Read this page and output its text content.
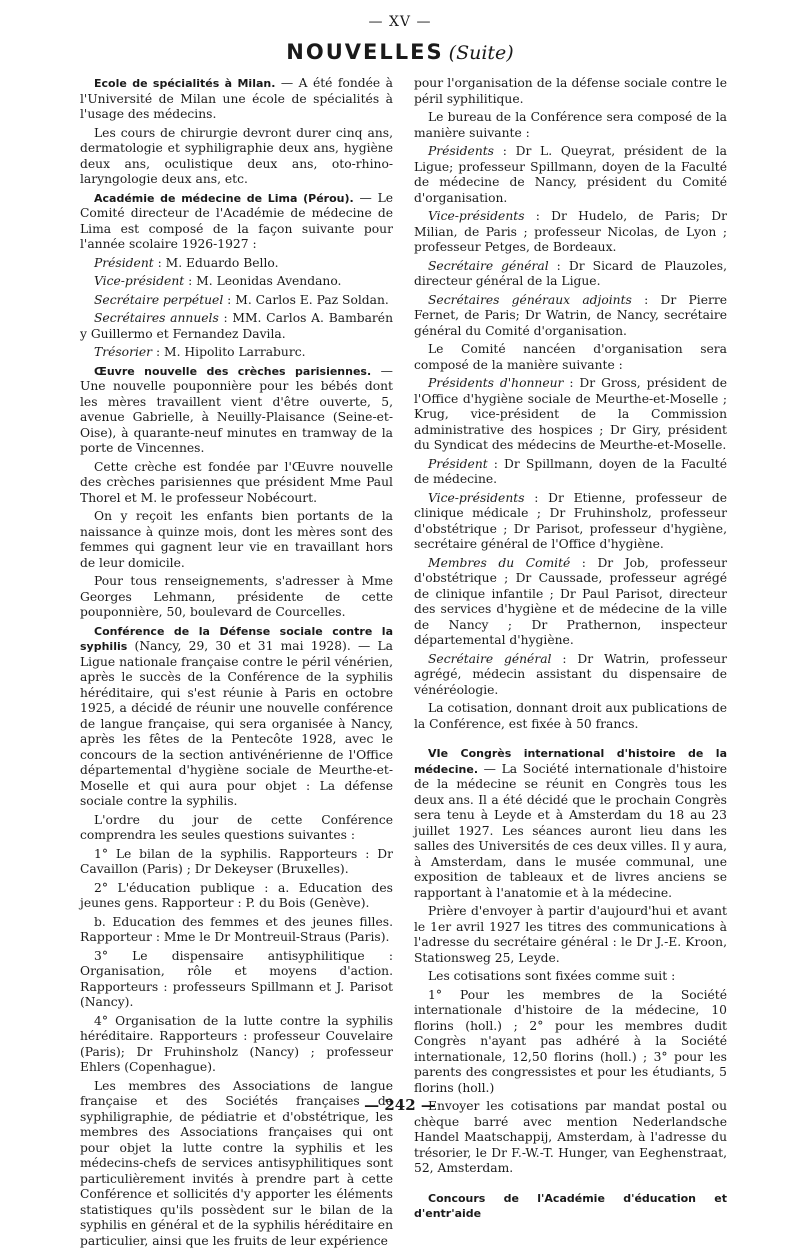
— XV —
NOUVELLES (Suite)

Ecole de spécialités à Milan. — A été fondée à l'Université de Milan une école de spécialités à l'usage des médecins.

Les cours de chirurgie devront durer cinq ans, dermatologie et syphiligraphie deux ans, hygiène deux ans, oculistique deux ans, oto-rhino-laryngologie deux ans, etc.

Académie de médecine de Lima (Pérou). — Le Comité directeur de l'Académie de médecine de Lima est composé de la façon suivante pour l'année scolaire 1926-1927 :

Président : M. Eduardo Bello.

Vice-président : M. Leonidas Avendano.

Secrétaire perpétuel : M. Carlos E. Paz Soldan.

Secrétaires annuels : MM. Carlos A. Bambarén y Guillermo et Fernandez Davila.

Trésorier : M. Hipolito Larraburc.

Œuvre nouvelle des crèches parisiennes. — Une nouvelle pouponnière pour les bébés dont les mères travaillent vient d'être ouverte, 5, avenue Gabrielle, à Neuilly-Plaisance (Seine-et-Oise), à quarante-neuf minutes en tramway de la porte de Vincennes.

Cette crèche est fondée par l'Œuvre nouvelle des crèches parisiennes que président Mme Paul Thorel et M. le professeur Nobécourt.

On y reçoit les enfants bien portants de la naissance à quinze mois, dont les mères sont des femmes qui gagnent leur vie en travaillant hors de leur domicile.

Pour tous renseignements, s'adresser à Mme Georges Lehmann, présidente de cette pouponnière, 50, boulevard de Courcelles.

Conférence de la Défense sociale contre la syphilis (Nancy, 29, 30 et 31 mai 1928). — La Ligue nationale française contre le péril vénérien, après le succès de la Conférence de la syphilis héréditaire, qui s'est réunie à Paris en octobre 1925, a décidé de réunir une nouvelle conférence de langue française, qui sera organisée à Nancy, après les fêtes de la Pentecôte 1928, avec le concours de la section antivénérienne de l'Office départemental d'hygiène sociale de Meurthe-et-Moselle et qui aura pour objet : La défense sociale contre la syphilis.

L'ordre du jour de cette Conférence comprendra les seules questions suivantes :

1° Le bilan de la syphilis. Rapporteurs : Dr Cavaillon (Paris) ; Dr Dekeyser (Bruxelles).

2° L'éducation publique : a. Education des jeunes gens. Rapporteur : P. du Bois (Genève).

b. Education des femmes et des jeunes filles. Rapporteur : Mme le Dr Montreuil-Straus (Paris).

3° Le dispensaire antisyphilitique : Organisation, rôle et moyens d'action. Rapporteurs : professeurs Spillmann et J. Parisot (Nancy).

4° Organisation de la lutte contre la syphilis héréditaire. Rapporteurs : professeur Couvelaire (Paris); Dr Fruhinsholz (Nancy) ; professeur Ehlers (Copenhague).

Les membres des Associations de langue française et des Sociétés françaises de syphiligraphie, de pédiatrie et d'obstétrique, les membres des Associations françaises qui ont pour objet la lutte contre la syphilis et les médecins-chefs de services antisyphilitiques sont particulièrement invités à prendre part à cette Conférence et sollicités d'y apporter les éléments statistiques qu'ils possèdent sur le bilan de la syphilis en général et de la syphilis héréditaire en particulier, ainsi que les fruits de leur expérience

pour l'organisation de la défense sociale contre le péril syphilitique.

Le bureau de la Conférence sera composé de la manière suivante :

Présidents : Dr L. Queyrat, président de la Ligue; professeur Spillmann, doyen de la Faculté de médecine de Nancy, président du Comité d'organisation.

Vice-présidents : Dr Hudelo, de Paris; Dr Milian, de Paris ; professeur Nicolas, de Lyon ; professeur Petges, de Bordeaux.

Secrétaire général : Dr Sicard de Plauzoles, directeur général de la Ligue.

Secrétaires généraux adjoints : Dr Pierre Fernet, de Paris; Dr Watrin, de Nancy, secrétaire général du Comité d'organisation.

Le Comité nancéen d'organisation sera composé de la manière suivante :

Présidents d'honneur : Dr Gross, président de l'Office d'hygiène sociale de Meurthe-et-Moselle ; Krug, vice-président de la Commission administrative des hospices ; Dr Giry, président du Syndicat des médecins de Meurthe-et-Moselle.

Président : Dr Spillmann, doyen de la Faculté de médecine.

Vice-présidents : Dr Etienne, professeur de clinique médicale ; Dr Fruhinsholz, professeur d'obstétrique ; Dr Parisot, professeur d'hygiène, secrétaire général de l'Office d'hygiène.

Membres du Comité : Dr Job, professeur d'obstétrique ; Dr Caussade, professeur agrégé de clinique infantile ; Dr Paul Parisot, directeur des services d'hygiène et de médecine de la ville de Nancy ; Dr Prathernon, inspecteur départemental d'hygiène.

Secrétaire général : Dr Watrin, professeur agrégé, médecin assistant du dispensaire de vénéréologie.

La cotisation, donnant droit aux publications de la Conférence, est fixée à 50 francs.

VIe Congrès international d'histoire de la médecine. — La Société internationale d'histoire de la médecine se réunit en Congrès tous les deux ans. Il a été décidé que le prochain Congrès sera tenu à Leyde et à Amsterdam du 18 au 23 juillet 1927. Les séances auront lieu dans les salles des Universités de ces deux villes. Il y aura, à Amsterdam, dans le musée communal, une exposition de tableaux et de livres anciens se rapportant à l'anatomie et à la médecine.

Prière d'envoyer à partir d'aujourd'hui et avant le 1er avril 1927 les titres des communications à l'adresse du secrétaire général : le Dr J.-E. Kroon, Stationsweg 25, Leyde.

Les cotisations sont fixées comme suit :

1° Pour les membres de la Société internationale d'histoire de la médecine, 10 florins (holl.) ; 2° pour les membres dudit Congrès n'ayant pas adhéré à la Société internationale, 12,50 florins (holl.) ; 3° pour les parents des congressistes et pour les étudiants, 5 florins (holl.)

Envoyer les cotisations par mandat postal ou chèque barré avec mention Nederlandsche Handel Maatschappij, Amsterdam, à l'adresse du trésorier, le Dr F.-W.-T. Hunger, van Eeghenstraat, 52, Amsterdam.

Concours de l'Académie d'éducation et d'entr'aide

— 242 —
